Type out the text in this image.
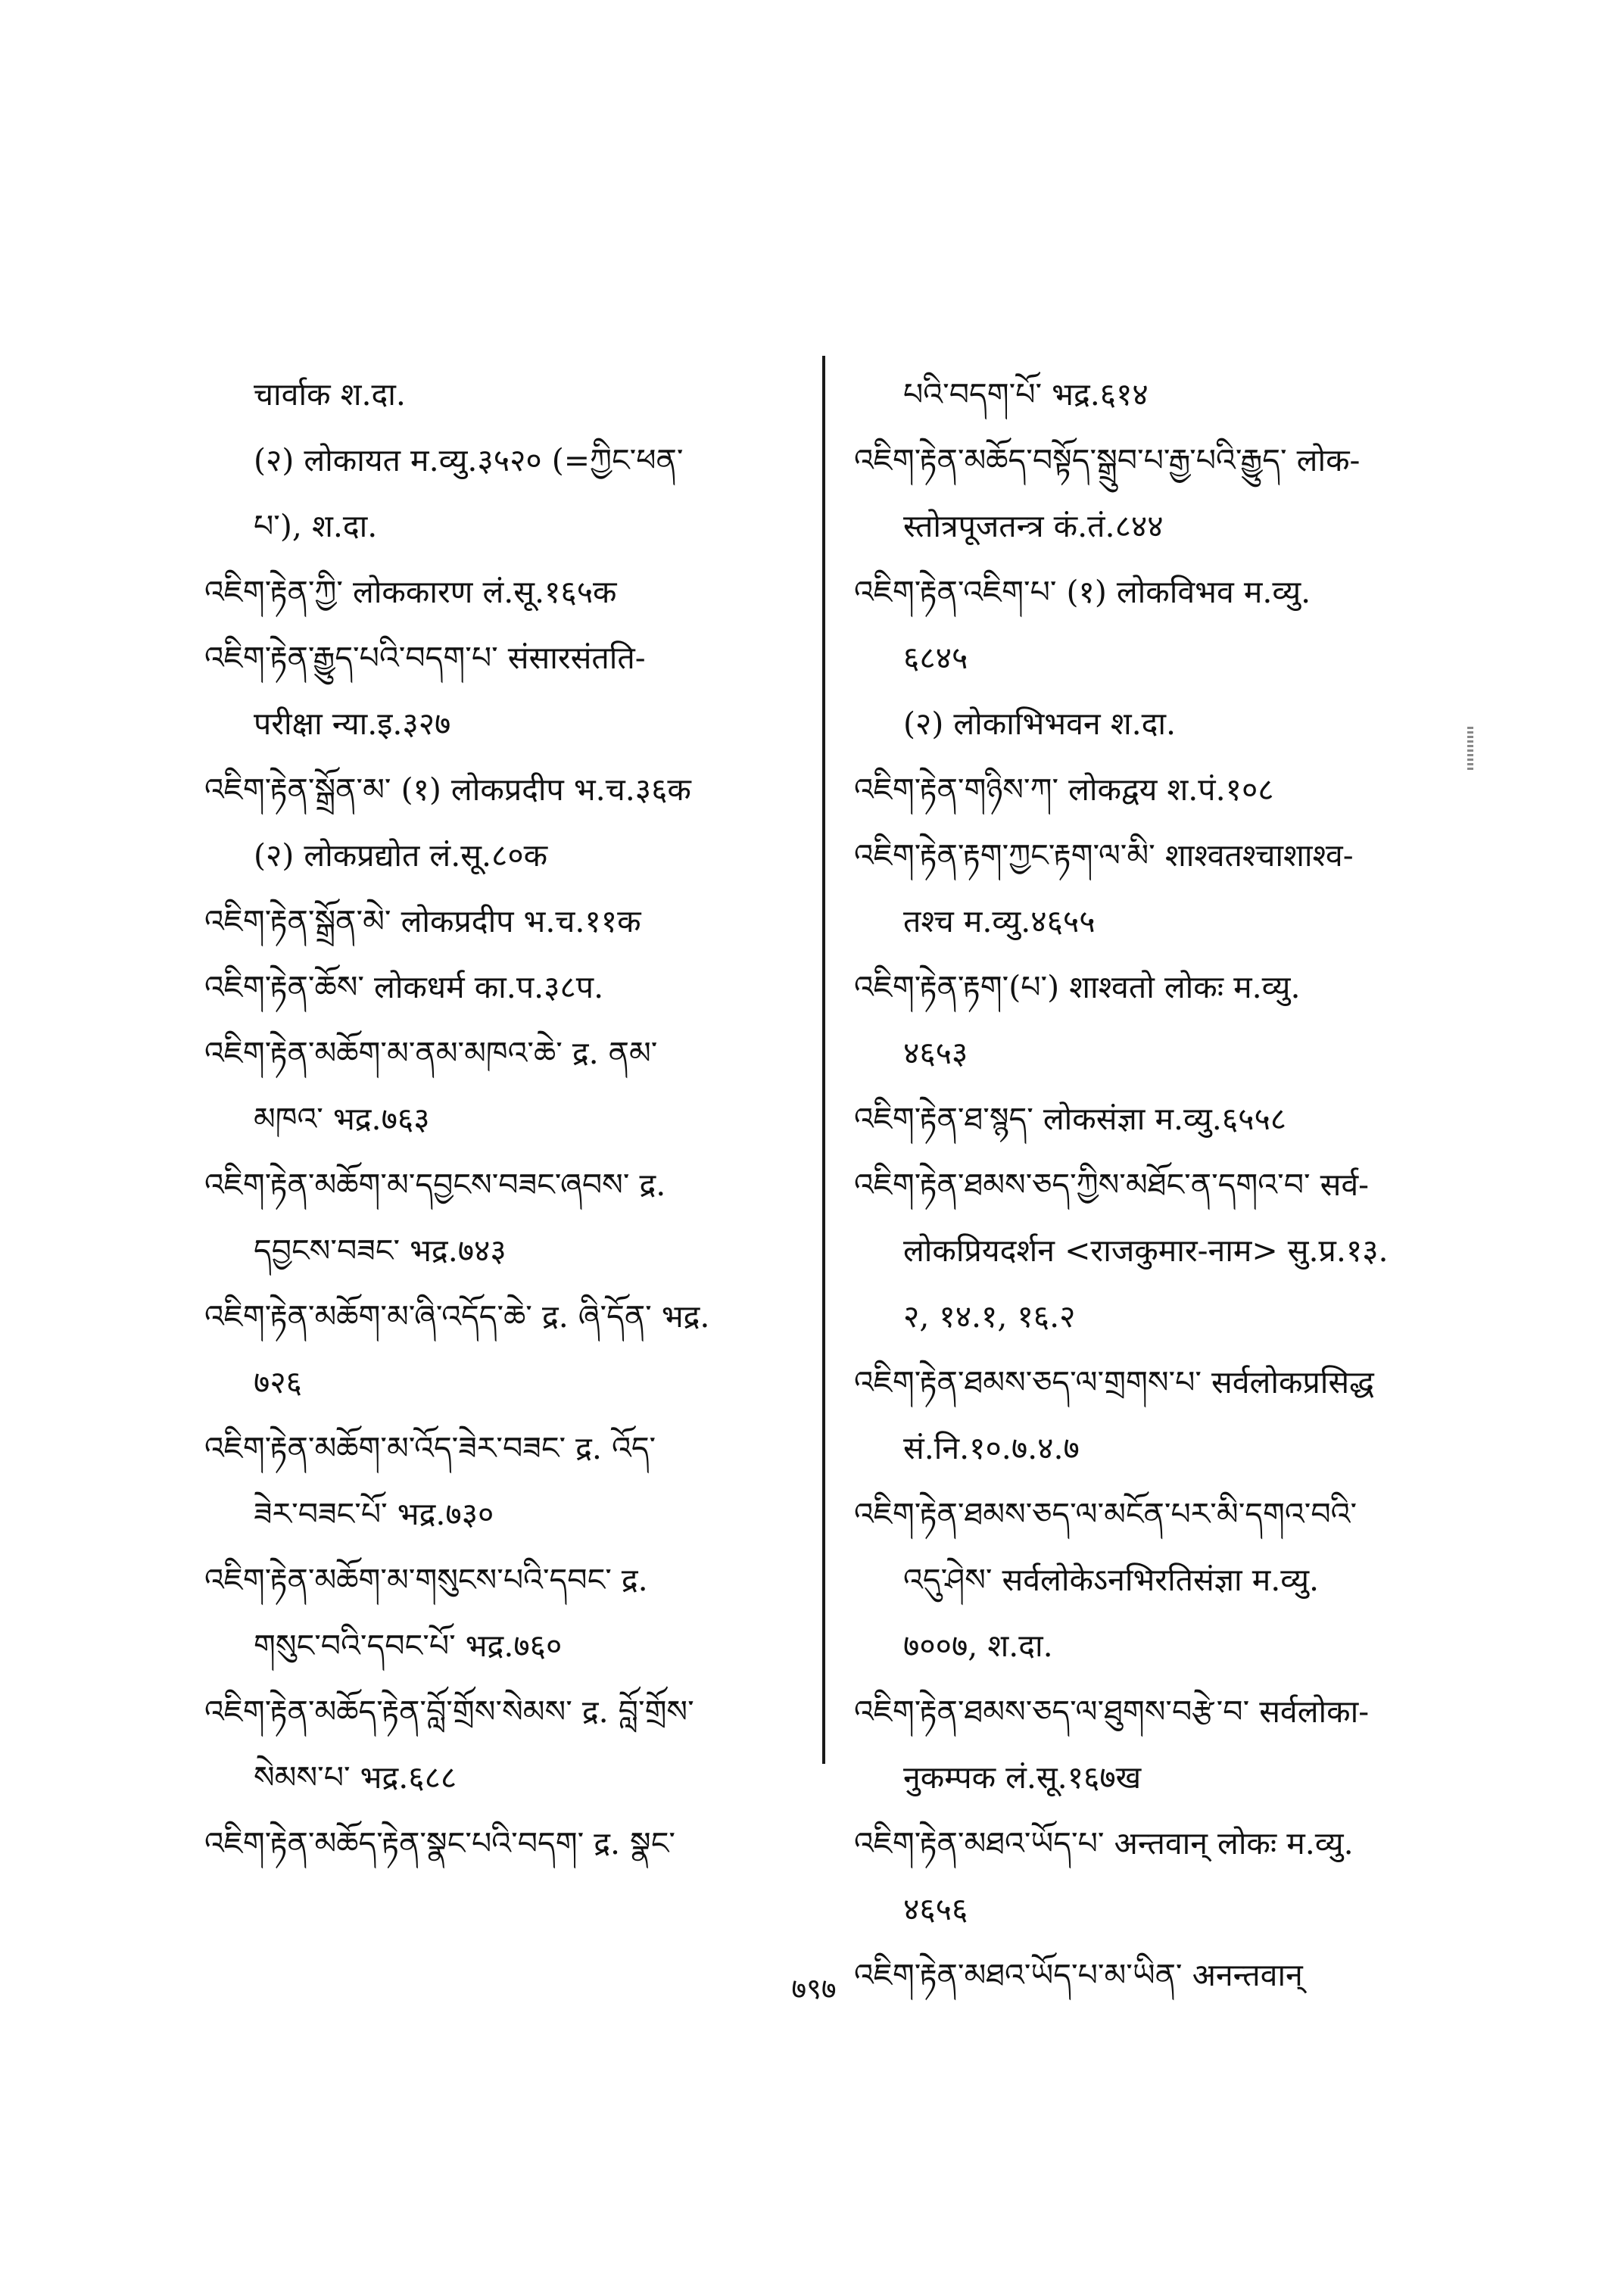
चार्वाक श.दा.

(२) लोकायत म.व्यु.३५२० (=ཀྱིང་ཕན་

པ་), श.दा.

འཇིག་རྟེན་ཀྱི་ लोककारण लं.सू.१६५क

འཇིག་རྟེན་རྒྱུད་པའི་བདག་པ་ संसारसंतति-

परीक्षा न्या.इ.३२७

འཇིག་རྟེན་སྒྲོན་མ་ (१) लोकप्रदीप भ.च.३६क

(२) लोकप्रद्योत लं.सू.८०क

འཇིག་རྟེན་སྒྲོན་མེ་ लोकप्रदीप भ.च.११क

འཇིག་རྟེན་ཆོས་ लोकधर्म का.प.३८प.

འཇིག་རྟེན་མཆོག་མ་ནམ་མཁའ་ཆེ་ द्र. ནམ་

མཁའ་ भद्र.७६३

འཇིག་རྟེན་མཆོག་མ་དབྱངས་བཟང་ཞབས་ द्र.

དབྱངས་བཟང་ भद्र.७४३

འཇིག་རྟེན་མཆོག་མ་ཞི་འདོད་ཆེ་ द्र. ཞི་དོན་ भद्र.

७२६

འཇིག་རྟེན་མཆོག་མ་འོད་ཟེར་བཟང་ द्र. འོད་

ཟེར་བཟང་པོ་ भद्र.७३०

འཇིག་རྟེན་མཆོག་མ་གསུངས་པའི་དབང་ द्र.

གསུང་བའི་དབང་པོ་ भद्र.७६०

འཇིག་རྟེན་མཆོད་རྟེན་བློ་གྲོས་སེམས་ द्र. བློ་གྲོས་

སེམས་པ་ भद्र.६८८

འཇིག་རྟེན་མཆོད་རྟེན་སྣང་པའི་བདག་ द्र. སྣང་

པའི་བདག་པོ་ भद्र.६१४

འཇིག་རྟེན་མཆོད་བསྟོད་སྒྲུབ་པ་རྒྱ་པའི་རྒྱུད་ लोक-

स्तोत्रपूजतन्त्र कं.तं.८४४

འཇིག་རྟེན་འཇིག་པ་ (१) लोकविभव म.व्यु.

६८४५

(२) लोकाभिभवन श.दा.

འཇིག་རྟེན་གཉིས་ཀ་ लोकद्वय श.पं.१०८

འཇིག་རྟེན་རྟག་ཀྱང་རྟག་ལ་མི་ शाश्वतश्चाशाश्व-

तश्च म.व्यु.४६५५

འཇིག་རྟེན་རྟག་(པ་) शाश्वतो लोकः म.व्यु.

४६५३

འཇིག་རྟེན་ཐ་སྙད་ लोकसंज्ञा म.व्यु.६५५८

འཇིག་རྟེན་ཐམས་ཅད་ཀྱིས་མཐོང་ན་དགའ་བ་ सर्व-

लोकप्रियदर्शन <राजकुमार-नाम> सु.प्र.१३.

२, १४.१, १६.२

འཇིག་རྟེན་ཐམས་ཅད་ལ་གྲགས་པ་ सर्वलोकप्रसिद्ध

सं.नि.१०.७.४.७

འཇིག་རྟེན་ཐམས་ཅད་ལ་མངོན་པར་མི་དགའ་བའི་

འདུ་ཤེས་ सर्वलोकेऽनभिरतिसंज्ञा म.व्यु.

७००७, श.दा.

འཇིག་རྟེན་ཐམས་ཅད་ལ་ཐུགས་བརྩེ་བ་ सर्वलोका-

नुकम्पक लं.सू.१६७ख

འཇིག་རྟེན་མཐའ་ཡོད་པ་ अन्तवान् लोकः म.व्यु.

४६५६

འཇིག་རྟེན་མཐའ་ཡོད་པ་མ་ཡིན་ अनन्तवान्

७९७
